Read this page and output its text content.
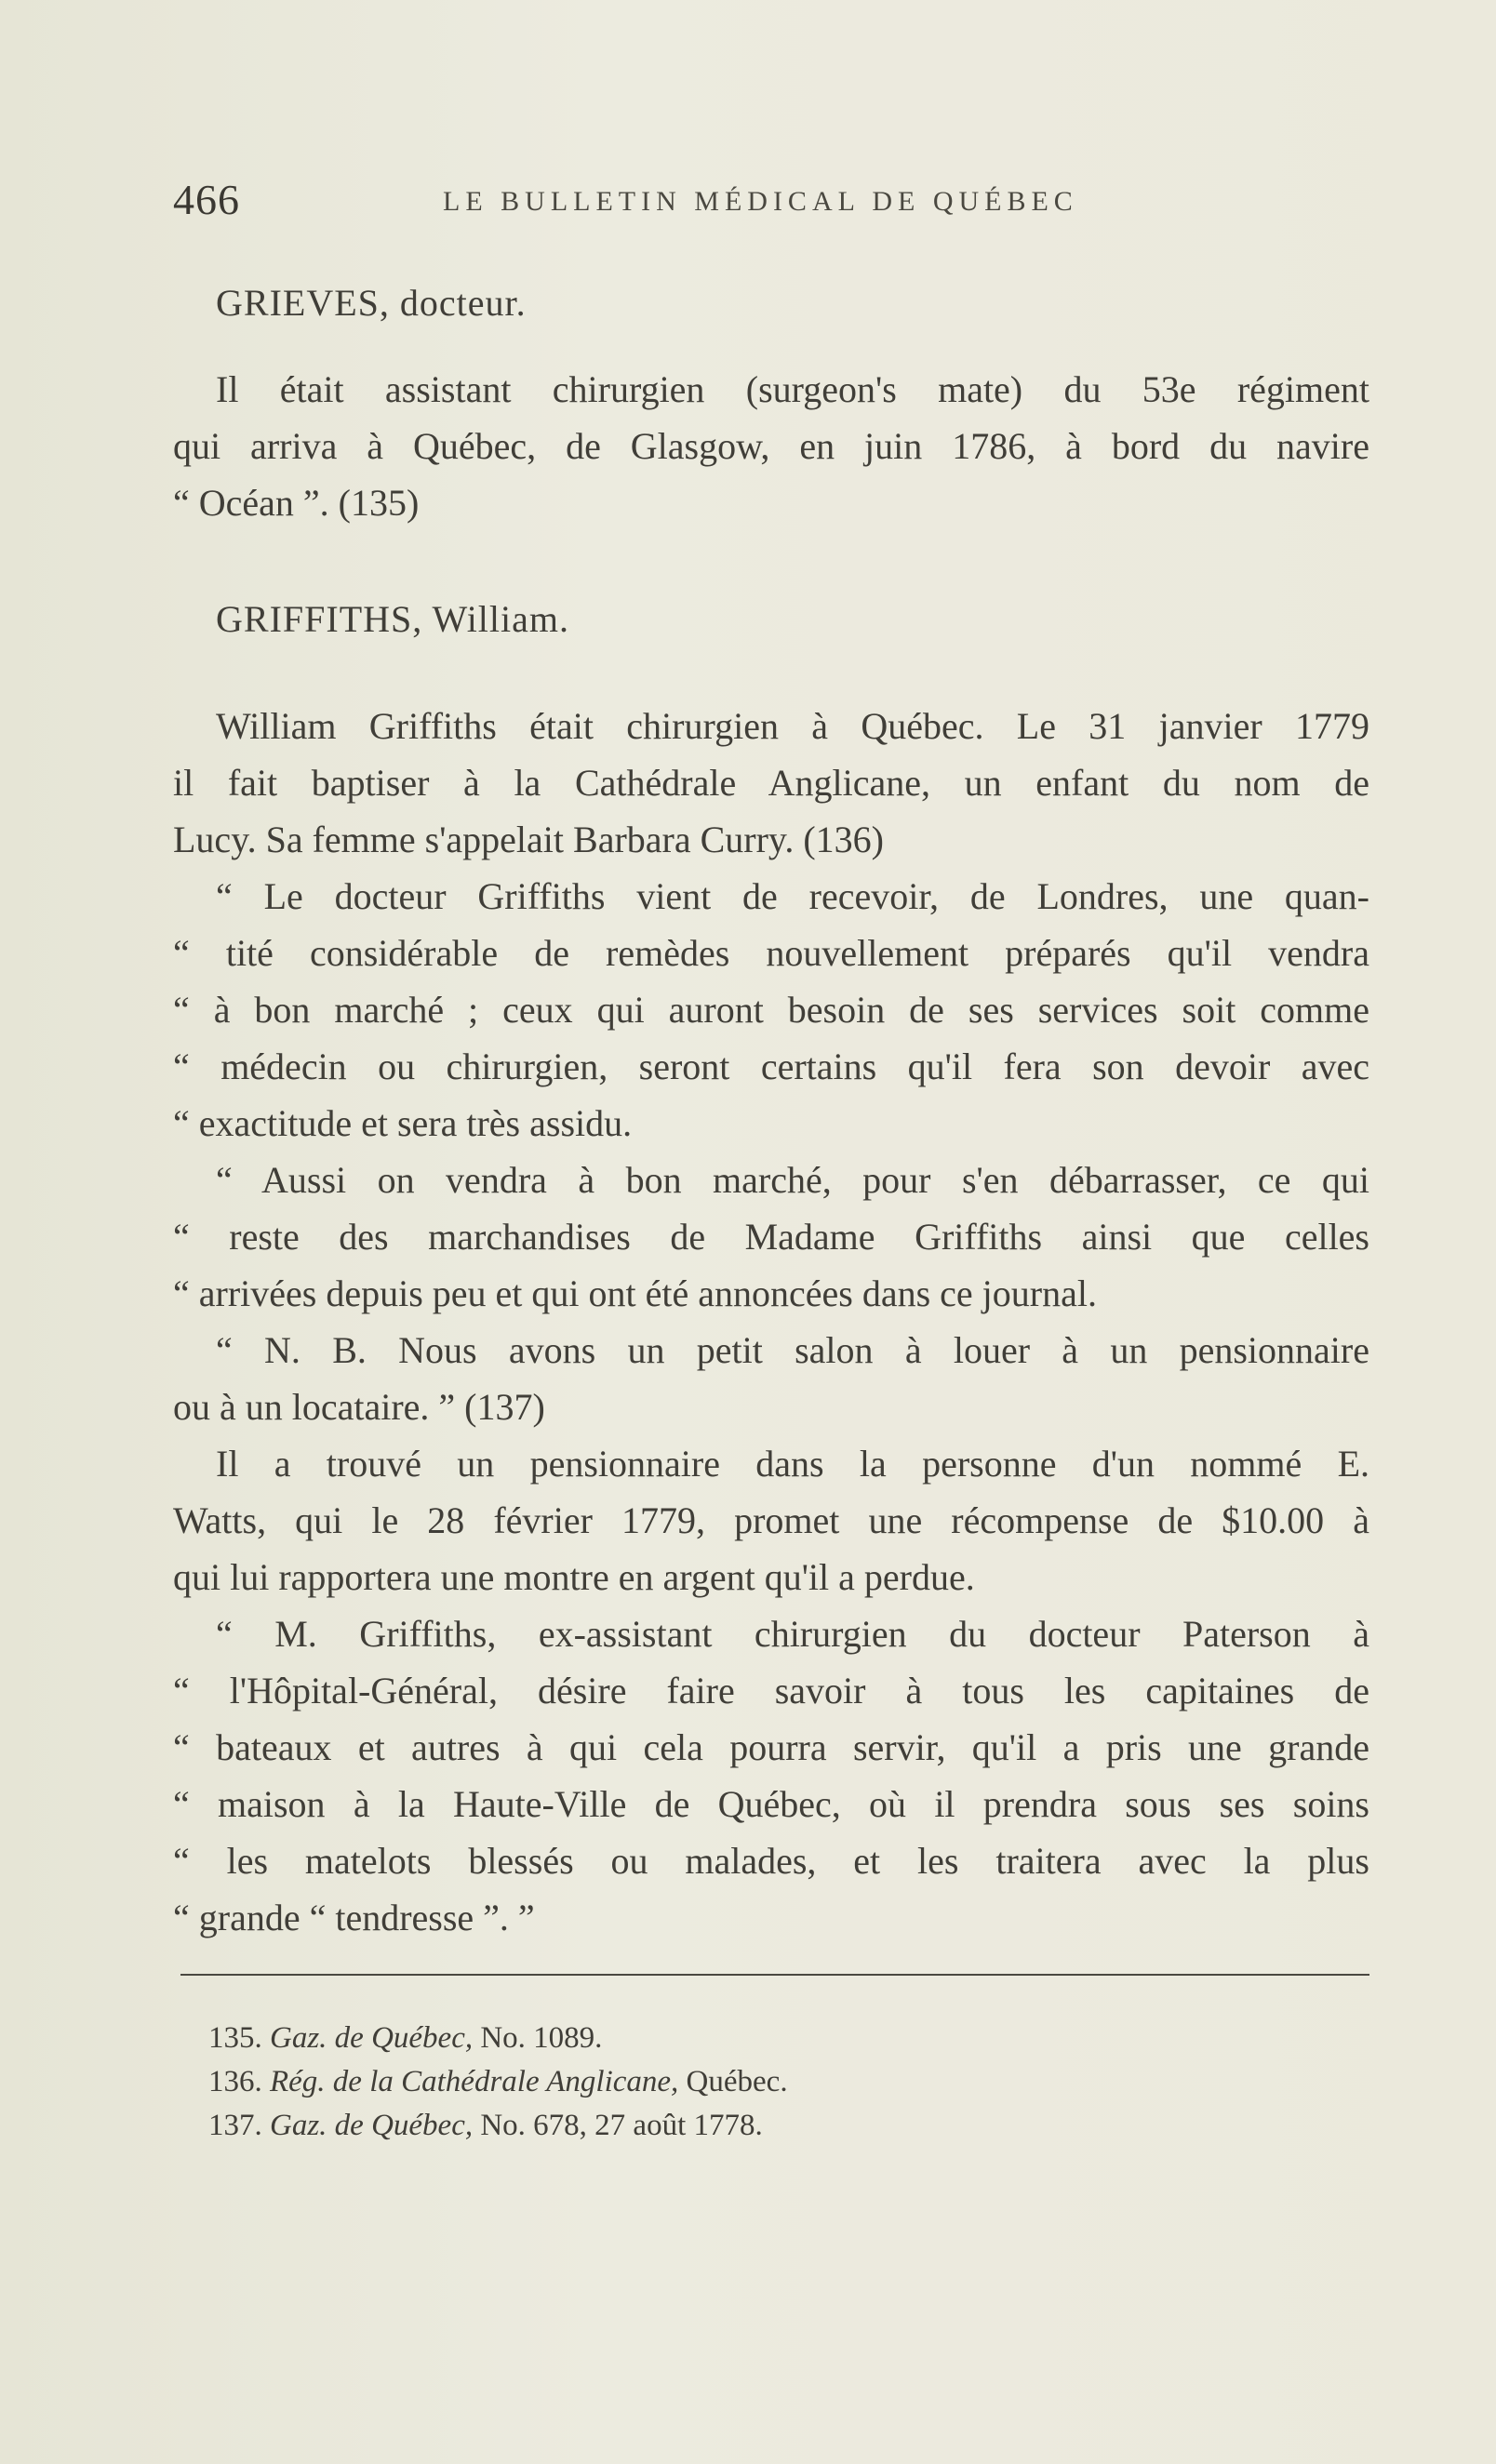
466	LE BULLETIN MÉDICAL DE QUÉBEC
GRIEVES, docteur.
Il était assistant chirurgien (surgeon's mate) du 53e régiment
qui arriva à Québec, de Glasgow, en juin 1786, à bord du navire
“ Océan ”. (135)
GRIFFITHS, William.
William Griffiths était chirurgien à Québec. Le 31 janvier 1779
il fait baptiser à la Cathédrale Anglicane, un enfant du nom de
Lucy. Sa femme s'appelait Barbara Curry. (136)
“ Le docteur Griffiths vient de recevoir, de Londres, une quan-
“ tité considérable de remèdes nouvellement préparés qu'il vendra
“ à bon marché ; ceux qui auront besoin de ses services soit comme
“ médecin ou chirurgien, seront certains qu'il fera son devoir avec
“ exactitude et sera très assidu.
“ Aussi on vendra à bon marché, pour s'en débarrasser, ce qui
“ reste des marchandises de Madame Griffiths ainsi que celles
“ arrivées depuis peu et qui ont été annoncées dans ce journal.
“ N. B. Nous avons un petit salon à louer à un pensionnaire
ou à un locataire. ” (137)
Il a trouvé un pensionnaire dans la personne d'un nommé E.
Watts, qui le 28 février 1779, promet une récompense de $10.00 à
qui lui rapportera une montre en argent qu'il a perdue.
“ M. Griffiths, ex-assistant chirurgien du docteur Paterson à
“ l'Hôpital-Général, désire faire savoir à tous les capitaines de
“ bateaux et autres à qui cela pourra servir, qu'il a pris une grande
“ maison à la Haute-Ville de Québec, où il prendra sous ses soins
“ les matelots blessés ou malades, et les traitera avec la plus
“ grande “ tendresse ”. ”
135. Gaz. de Québec, No. 1089.
136. Rég. de la Cathédrale Anglicane, Québec.
137. Gaz. de Québec, No. 678, 27 août 1778.
